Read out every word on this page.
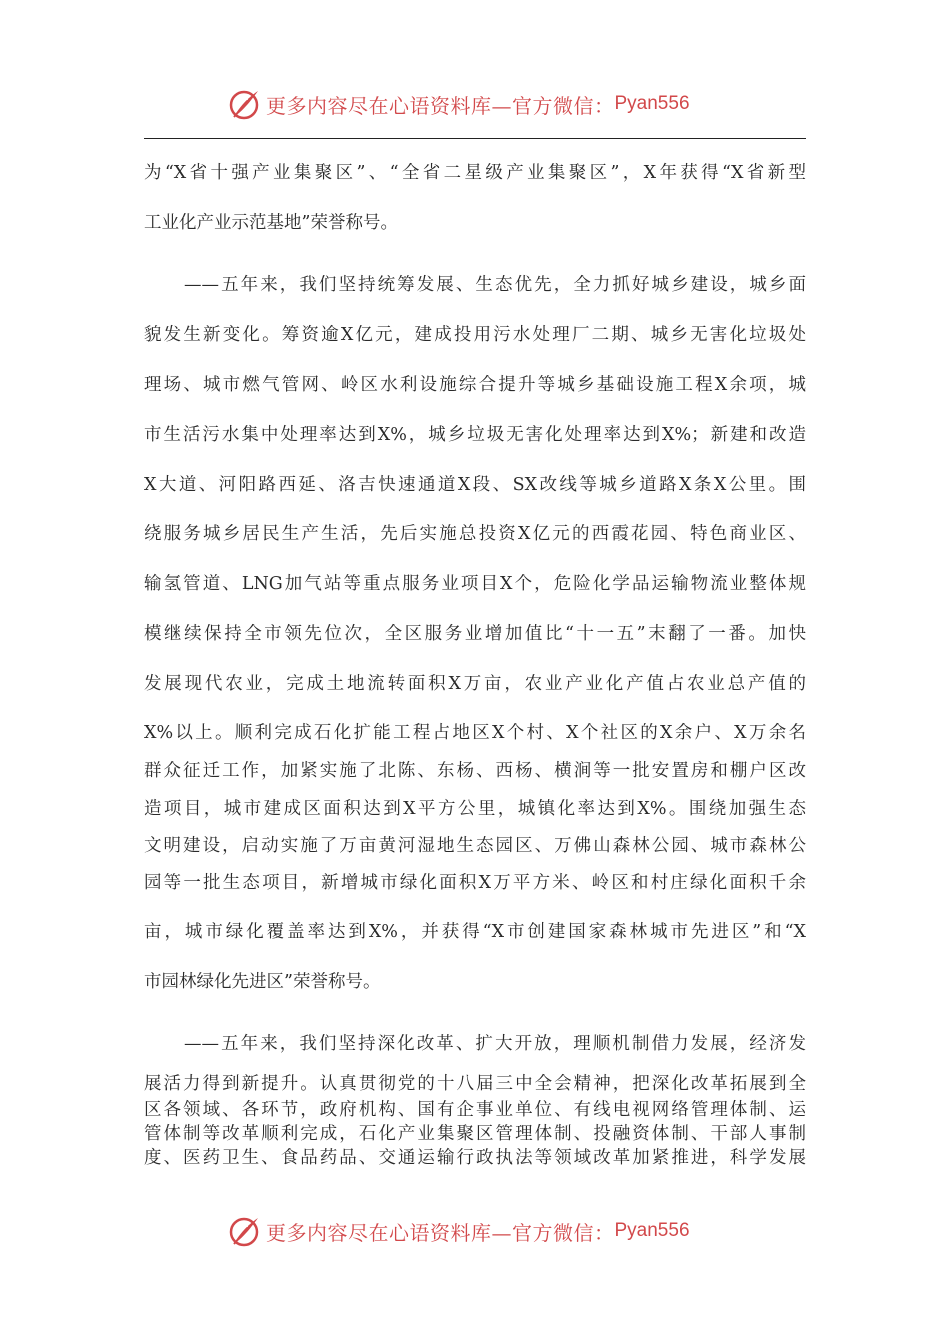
更多内容尽在心语资料库—官方微信： Pyan556
为“X省十强产业集聚区”、“全省二星级产业集聚区”，X年获得“X省新型
工业化产业示范基地”荣誉称号。
——五年来，我们坚持统筹发展、生态优先，全力抓好城乡建设，城乡面
貌发生新变化。筹资逾X亿元，建成投用污水处理厂二期、城乡无害化垃圾处
理场、城市燃气管网、岭区水利设施综合提升等城乡基础设施工程X余项，城
市生活污水集中处理率达到X%，城乡垃圾无害化处理率达到X%；新建和改造
X大道、河阳路西延、洛吉快速通道X段、SX改线等城乡道路X条X公里。围
绕服务城乡居民生产生活，先后实施总投资X亿元的西霞花园、特色商业区、
输氢管道、LNG加气站等重点服务业项目X个，危险化学品运输物流业整体规
模继续保持全市领先位次，全区服务业增加值比“十一五”末翻了一番。加快
发展现代农业，完成土地流转面积X万亩，农业产业化产值占农业总产值的
X%以上。顺利完成石化扩能工程占地区X个村、X个社区的X余户、X万余名
群众征迁工作，加紧实施了北陈、东杨、西杨、横涧等一批安置房和棚户区改
造项目，城市建成区面积达到X平方公里，城镇化率达到X%。围绕加强生态
文明建设，启动实施了万亩黄河湿地生态园区、万佛山森林公园、城市森林公
园等一批生态项目，新增城市绿化面积X万平方米、岭区和村庄绿化面积千余
亩，城市绿化覆盖率达到X%，并获得“X市创建国家森林城市先进区”和“X
市园林绿化先进区”荣誉称号。
——五年来，我们坚持深化改革、扩大开放，理顺机制借力发展，经济发
展活力得到新提升。认真贯彻党的十八届三中全会精神，把深化改革拓展到全
区各领域、各环节，政府机构、国有企事业单位、有线电视网络管理体制、运
管体制等改革顺利完成，石化产业集聚区管理体制、投融资体制、干部人事制
度、医药卫生、食品药品、交通运输行政执法等领域改革加紧推进，科学发展
更多内容尽在心语资料库—官方微信： Pyan556
